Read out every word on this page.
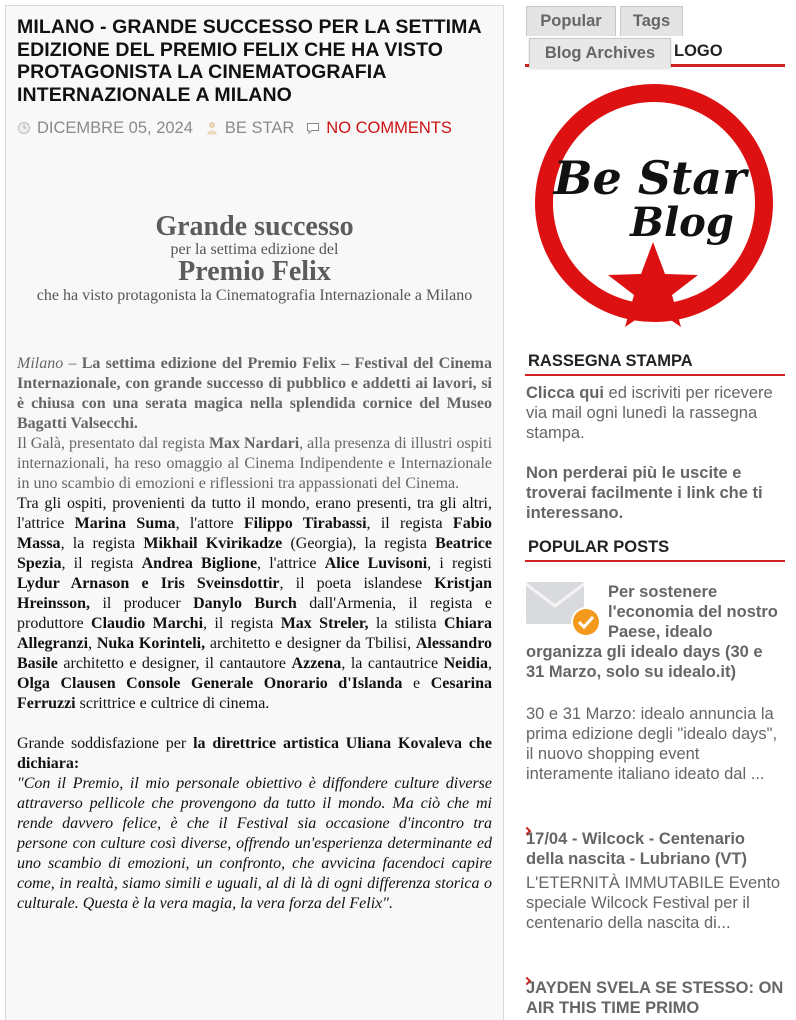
MILANO - GRANDE SUCCESSO PER LA SETTIMA EDIZIONE DEL PREMIO FELIX CHE HA VISTO PROTAGONISTA LA CINEMATOGRAFIA INTERNAZIONALE A MILANO
DICEMBRE 05, 2024 BE STAR NO COMMENTS
Grande successo
per la settima edizione del
Premio Felix
che ha visto protagonista la Cinematografia Internazionale a Milano

Milano – La settima edizione del Premio Felix – Festival del Cinema Internazionale, con grande successo di pubblico e addetti ai lavori, si è chiusa con una serata magica nella splendida cornice del Museo Bagatti Valsecchi.

Il Galà, presentato dal regista Max Nardari, alla presenza di illustri ospiti internazionali, ha reso omaggio al Cinema Indipendente e Internazionale in uno scambio di emozioni e riflessioni tra appassionati del Cinema.

Tra gli ospiti, provenienti da tutto il mondo, erano presenti, tra gli altri, l'attrice Marina Suma, l'attore Filippo Tirabassi, il regista Fabio Massa, la regista Mikhail Kvirikadze (Georgia), la regista Beatrice Spezia, il regista Andrea Biglione, l'attrice Alice Luvisoni, i registi Lydur Arnason e Iris Sveinsdottir, il poeta islandese Kristjan Hreinsson, il producer Danylo Burch dall'Armenia, il regista e produttore Claudio Marchi, il regista Max Streler, la stilista Chiara Allegranzi, Nuka Korinteli, architetto e designer da Tbilisi, Alessandro Basile architetto e designer, il cantautore Azzena, la cantautrice Neidia, Olga Clausen Console Generale Onorario d'Islanda e Cesarina Ferruzzi scrittrice e cultrice di cinema.

Grande soddisfazione per la direttrice artistica Uliana Kovaleva che dichiara:
"Con il Premio, il mio personale obiettivo è diffondere culture diverse attraverso pellicole che provengono da tutto il mondo. Ma ciò che mi rende davvero felice, è che il Festival sia occasione d'incontro tra persone con culture così diverse, offrendo un'esperienza determinante ed uno scambio di emozioni, un confronto, che avvicina facendoci capire come, in realtà, siamo simili e uguali, al di là di ogni differenza storica o culturale. Questa è la vera magia, la vera forza del Felix".

Popular	Tags
LOGO
Blog Archives
Be Star
Blog
RASSEGNA STAMPA
Clicca qui ed iscriviti per ricevere via mail ogni lunedì la rassegna stampa.
Non perderai più le uscite e troverai facilmente i link che ti interessano.
POPULAR POSTS
Per sostenere l'economia del nostro Paese, idealo organizza gli idealo days (30 e 31 Marzo, solo su idealo.it)
30 e 31 Marzo: idealo annuncia la prima edizione degli "idealo days", il nuovo shopping event interamente italiano ideato dal ...
17/04 - Wilcock - Centenario della nascita - Lubriano (VT)
L'ETERNITÀ IMMUTABILE Evento speciale Wilcock Festival per il centenario della nascita di...
JAYDEN SVELA SE STESSO: ON AIR THIS TIME PRIMO
